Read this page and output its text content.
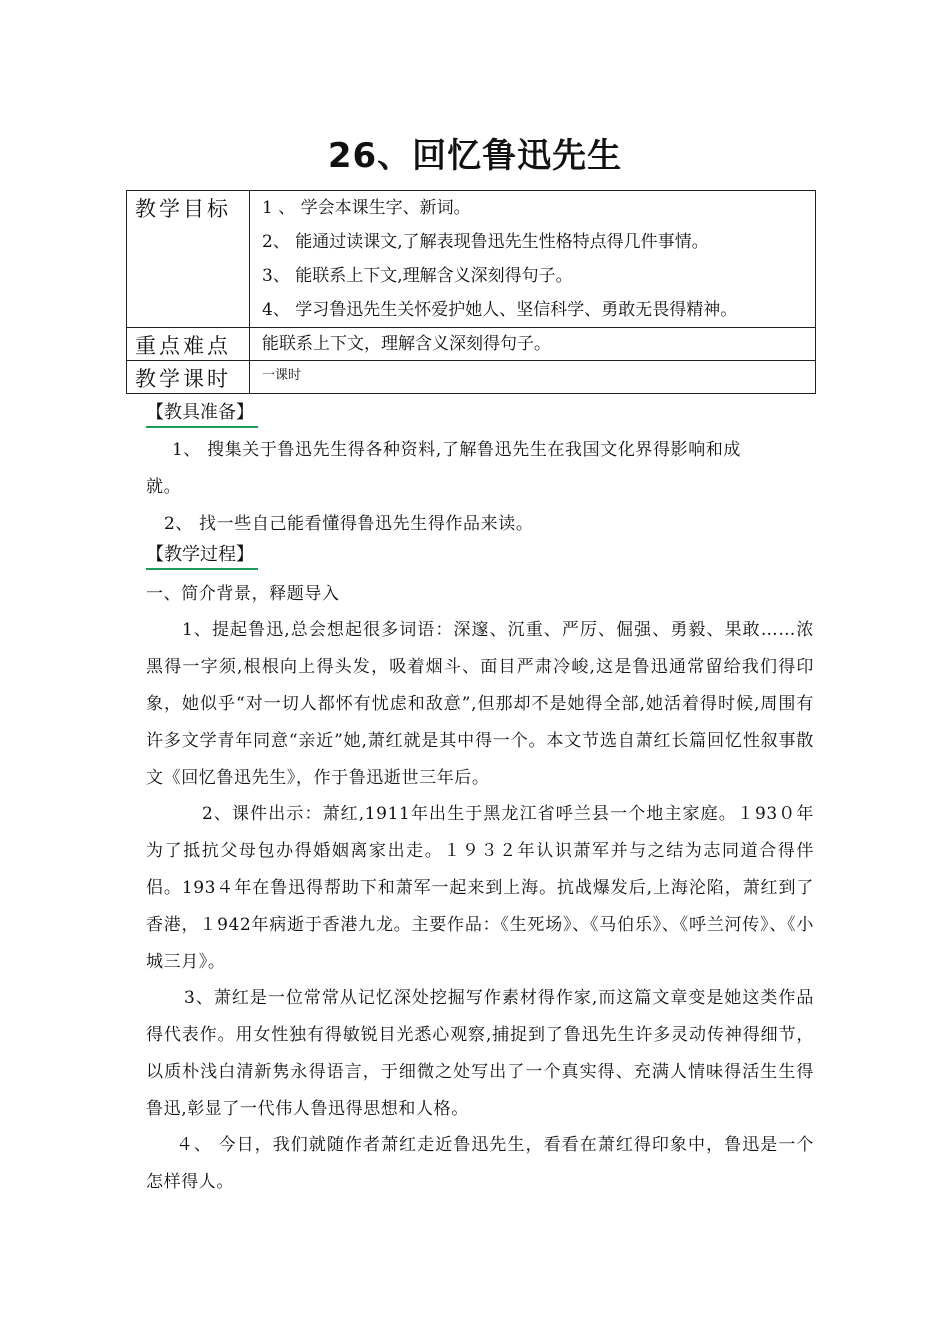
26、回忆鲁迅先生
教学目标	1 、 学会本课生字、新词。
2、 能通过读课文,了解表现鲁迅先生性格特点得几件事情。
3、 能联系上下文,理解含义深刻得句子。
4、 学习鲁迅先生关怀爱护她人、坚信科学、勇敢无畏得精神。

重点难点	能联系上下文，理解含义深刻得句子。

教学课时	一课时
【教具准备】
1、 搜集关于鲁迅先生得各种资料,了解鲁迅先生在我国文化界得影响和成
就。
2、 找一些自己能看懂得鲁迅先生得作品来读。
【教学过程】
一、简介背景，释题导入
1、提起鲁迅,总会想起很多词语：深邃、沉重、严厉、倔强、勇毅、果敢……浓黑得一字须,根根向上得头发，吸着烟斗、面目严肃冷峻,这是鲁迅通常留给我们得印象，她似乎“对一切人都怀有忧虑和敌意”,但那却不是她得全部,她活着得时候,周围有许多文学青年同意“亲近”她,萧红就是其中得一个。本文节选自萧红长篇回忆性叙事散文《回忆鲁迅先生》，作于鲁迅逝世三年后。
2、课件出示：萧红,1911年出生于黑龙江省呼兰县一个地主家庭。１93０年为了抵抗父母包办得婚姻离家出走。１９３２年认识萧军并与之结为志同道合得伴侣。193４年在鲁迅得帮助下和萧军一起来到上海。抗战爆发后,上海沦陷，萧红到了香港，１942年病逝于香港九龙。主要作品：《生死场》、《马伯乐》、《呼兰河传》、《小城三月》。
3、萧红是一位常常从记忆深处挖掘写作素材得作家,而这篇文章变是她这类作品得代表作。用女性独有得敏锐目光悉心观察,捕捉到了鲁迅先生许多灵动传神得细节，以质朴浅白清新隽永得语言，于细微之处写出了一个真实得、充满人情味得活生生得鲁迅,彰显了一代伟人鲁迅得思想和人格。
４、 今日，我们就随作者萧红走近鲁迅先生，看看在萧红得印象中，鲁迅是一个怎样得人。
